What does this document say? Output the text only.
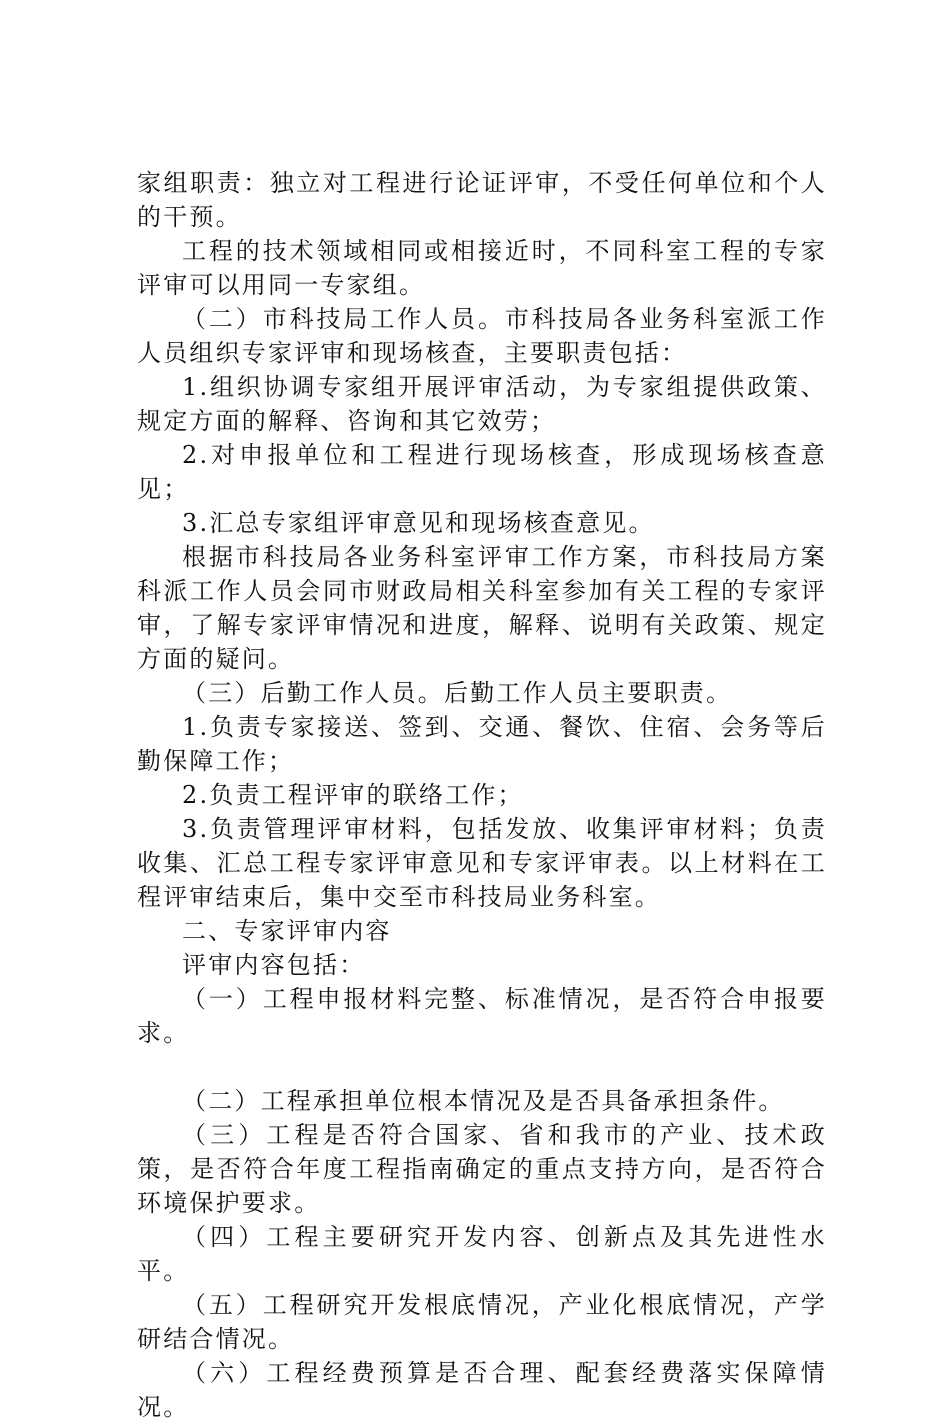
家组职责：独立对工程进行论证评审，不受任何单位和个人的干预。

工程的技术领域相同或相接近时，不同科室工程的专家评审可以用同一专家组。

（二）市科技局工作人员。市科技局各业务科室派工作人员组织专家评审和现场核查，主要职责包括：

1.组织协调专家组开展评审活动，为专家组提供政策、规定方面的解释、咨询和其它效劳；

2.对申报单位和工程进行现场核查，形成现场核查意见；

3.汇总专家组评审意见和现场核查意见。

根据市科技局各业务科室评审工作方案，市科技局方案科派工作人员会同市财政局相关科室参加有关工程的专家评审，了解专家评审情况和进度，解释、说明有关政策、规定方面的疑问。

（三）后勤工作人员。后勤工作人员主要职责。

1.负责专家接送、签到、交通、餐饮、住宿、会务等后勤保障工作；

2.负责工程评审的联络工作；

3.负责管理评审材料，包括发放、收集评审材料；负责收集、汇总工程专家评审意见和专家评审表。以上材料在工程评审结束后，集中交至市科技局业务科室。

二、专家评审内容

评审内容包括：

（一）工程申报材料完整、标准情况，是否符合申报要求。

（二）工程承担单位根本情况及是否具备承担条件。

（三）工程是否符合国家、省和我市的产业、技术政策，是否符合年度工程指南确定的重点支持方向，是否符合环境保护要求。

（四）工程主要研究开发内容、创新点及其先进性水平。

（五）工程研究开发根底情况，产业化根底情况，产学研结合情况。

（六）工程经费预算是否合理、配套经费落实保障情况。
